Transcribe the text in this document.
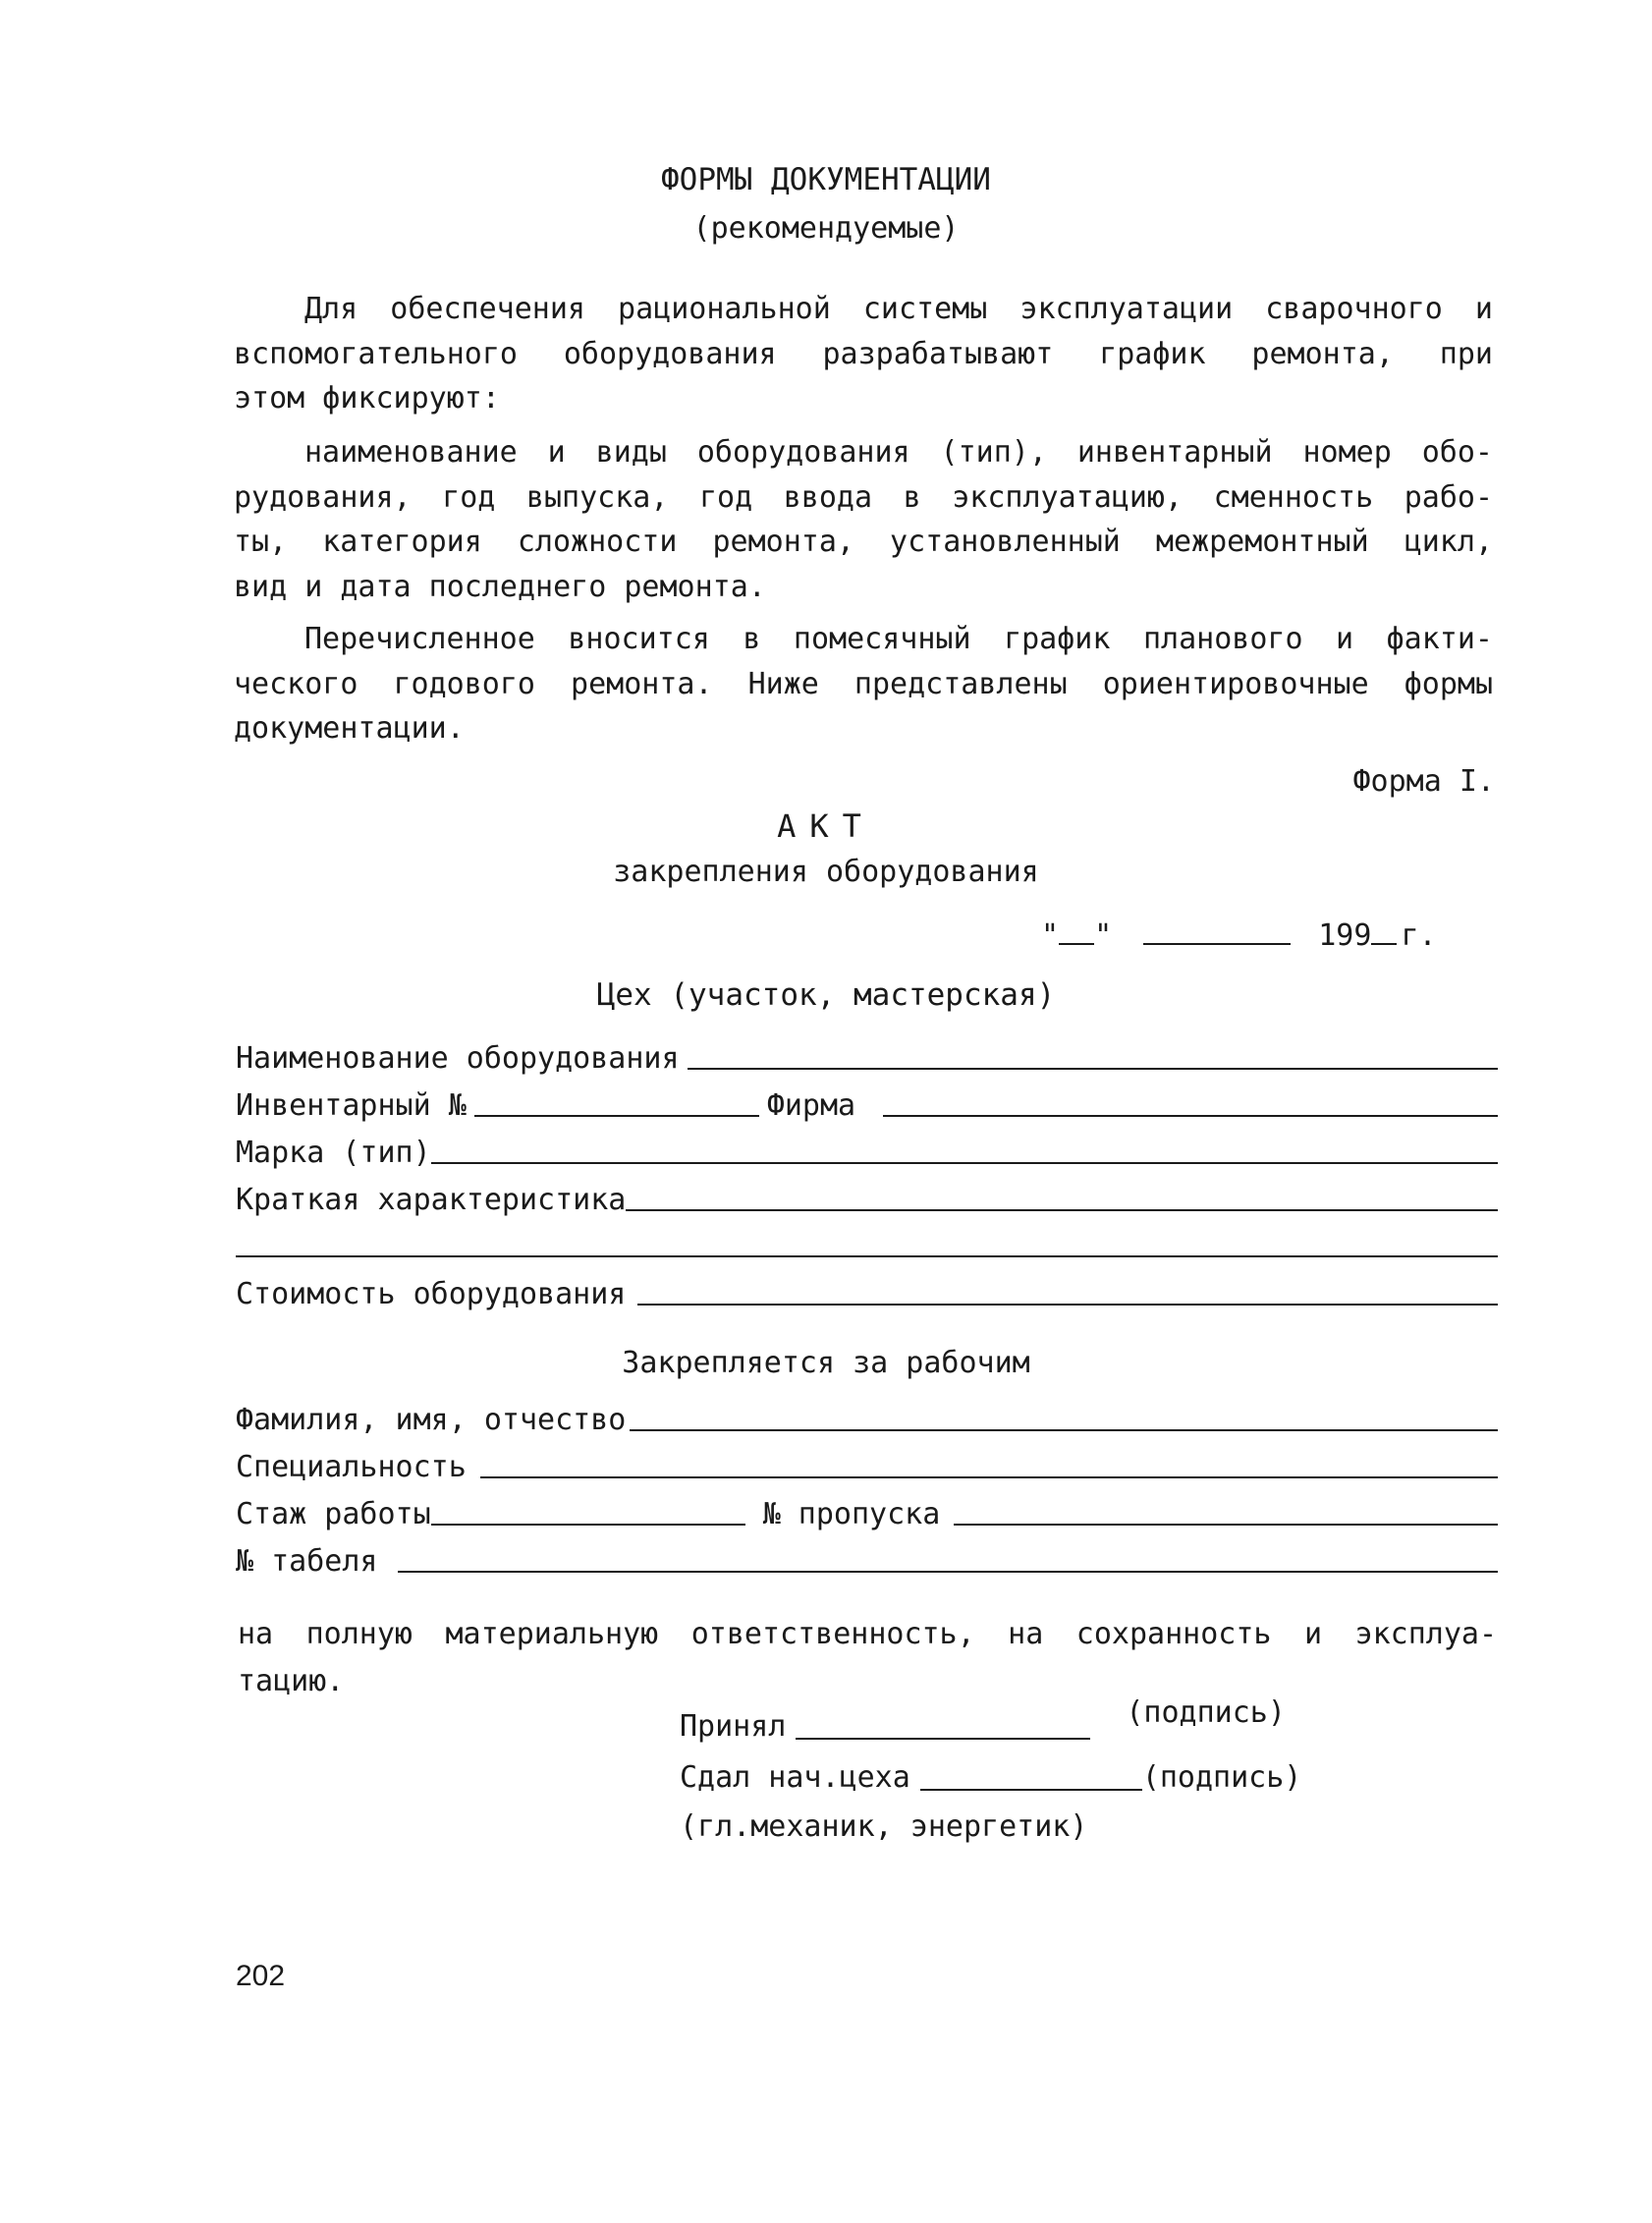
ФОРМЫ ДОКУМЕНТАЦИИ
(рекомендуемые)
Для обеспечения рациональной системы эксплуатации сварочного и
вспомогательного оборудования разрабатывают график ремонта, при
этом фиксируют:
наименование и виды оборудования (тип), инвентарный номер обо-
рудования, год выпуска, год ввода в эксплуатацию, сменность рабо-
ты, категория сложности ремонта, установленный межремонтный цикл,
вид и дата последнего ремонта.
Перечисленное вносится в помесячный график планового и факти-
ческого годового ремонта. Ниже представлены ориентировочные формы
документации.
Форма I.
АКТ
закрепления оборудования
" "	199 г.
Цех (участок, мастерская)
Наименование оборудования
Инвентарный №	Фирма
Марка (тип)
Краткая характеристика
Стоимость оборудования
Закрепляется за рабочим
Фамилия, имя, отчество
Специальность
Стаж работы	№ пропуска
№ табеля
на полную материальную ответственность, на сохранность и эксплуа-
тацию.
Принял	(подпись)
Сдал нач.цеха	(подпись)
(гл.механик, энергетик)
202
